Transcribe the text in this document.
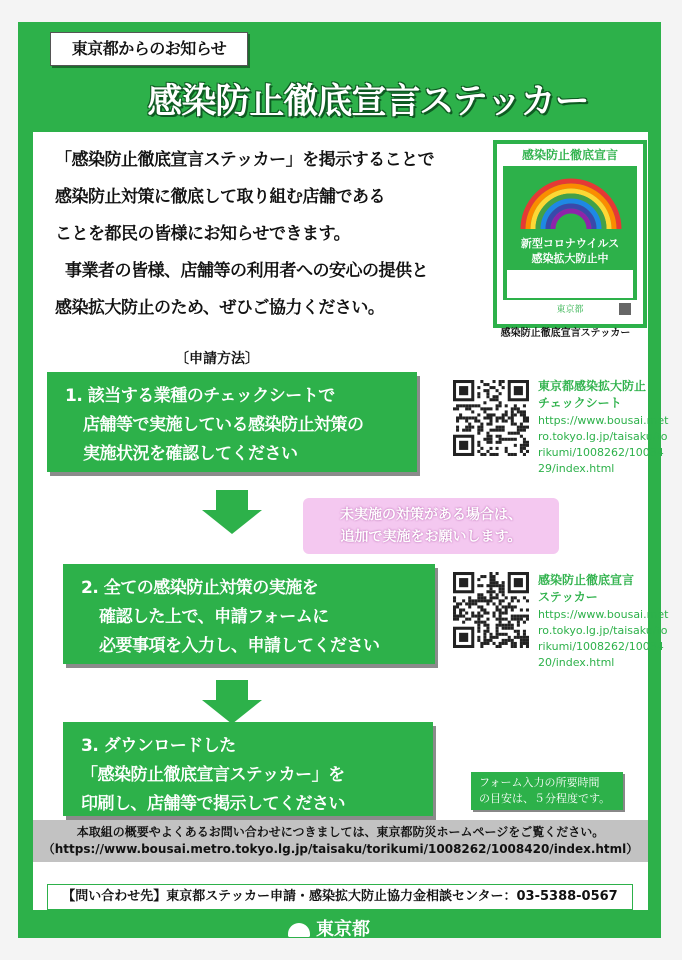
東京都からのお知らせ
感染防止徹底宣言ステッカー

「感染防止徹底宣言ステッカー」を掲示することで

感染防止対策に徹底して取り組む店舗である

ことを都民の皆様にお知らせできます。

事業者の皆様、店舗等の利用者への安心の提供と

感染拡大防止のため、ぜひご協力ください。

感染防止徹底宣言
新型コロナウイルス
感染拡大防止中
東京都
感染防止徹底宣言ステッカー
〔申請方法〕
1. 該当する業種のチェックシートで
店舗等で実施している感染防止対策の
実施状況を確認してください
未実施の対策がある場合は、
追加で実施をお願いします。
2. 全ての感染防止対策の実施を
確認した上で、申請フォームに
必要事項を入力し、申請してください
3. ダウンロードした
「感染防止徹底宣言ステッカー」を
印刷し、店舗等で掲示してください
東京都感染拡大防止
チェックシート
https://www.bousai.metro.tokyo.lg.jp/taisaku/torikumi/1008262/1008429/index.html
感染防止徹底宣言
ステッカー
https://www.bousai.metro.tokyo.lg.jp/taisaku/torikumi/1008262/1008420/index.html
フォーム入力の所要時間
の目安は、５分程度です。
本取組の概要やよくあるお問い合わせにつきましては、東京都防災ホームページをご覧ください。
（https://www.bousai.metro.tokyo.lg.jp/taisaku/torikumi/1008262/1008420/index.html）
【問い合わせ先】東京都ステッカー申請・感染拡大防止協力金相談センター：03-5388-0567
東京都
